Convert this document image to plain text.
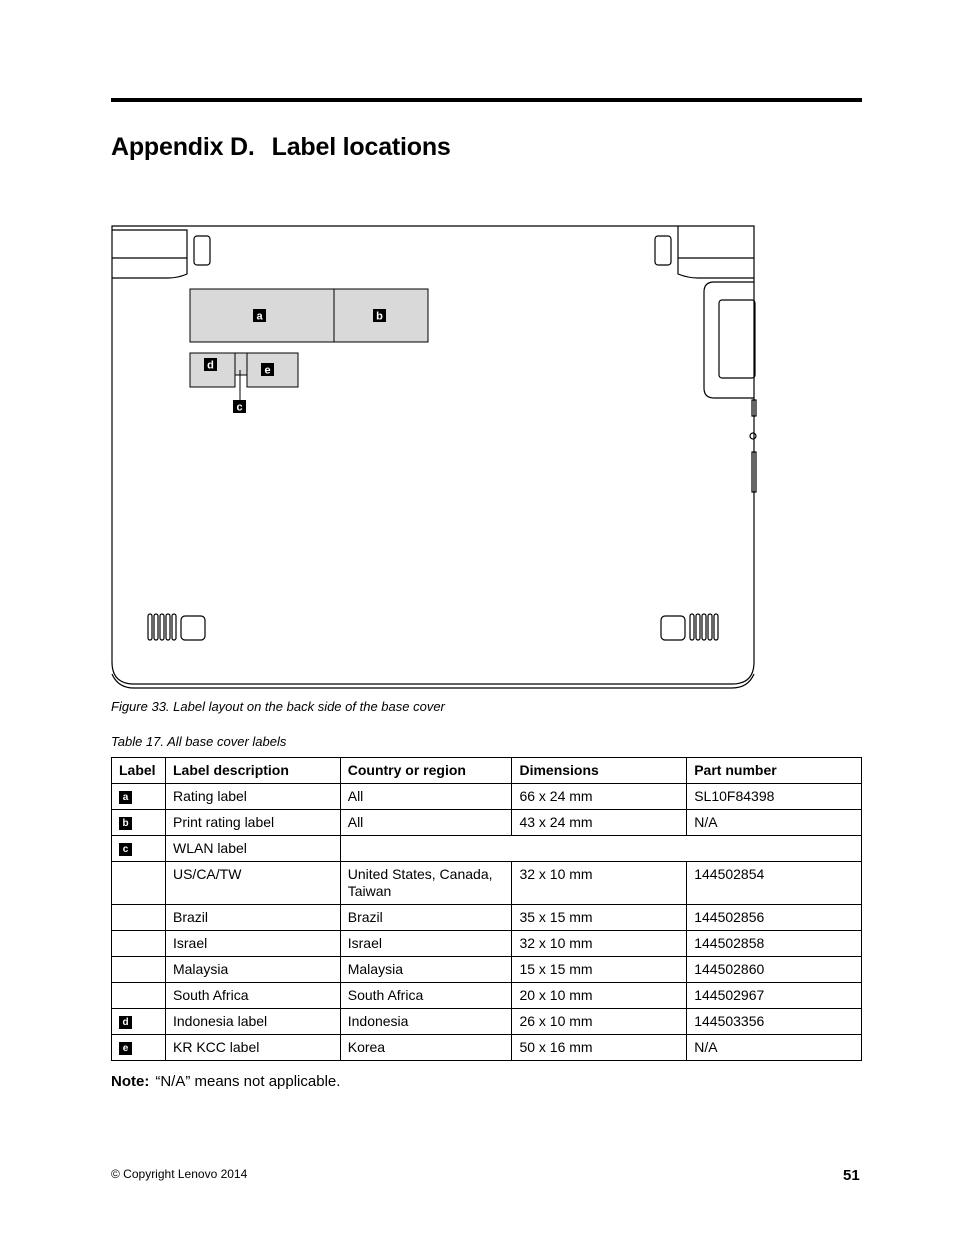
Appendix D. Label locations
a	b
d	e
c
Figure 33. Label layout on the back side of the base cover
Table 17. All base cover labels
Label	Label description	Country or region	Dimensions	Part number
a	Rating label	All	66 x 24 mm	SL10F84398
b	Print rating label	All	43 x 24 mm	N/A
c	WLAN label			
	US/CA/TW	United States, Canada, Taiwan	32 x 10 mm	144502854
	Brazil	Brazil	35 x 15 mm	144502856
	Israel	Israel	32 x 10 mm	144502858
	Malaysia	Malaysia	15 x 15 mm	144502860
	South Africa	South Africa	20 x 10 mm	144502967
d	Indonesia label	Indonesia	26 x 10 mm	144503356
e	KR KCC label	Korea	50 x 16 mm	N/A
Note: “N/A” means not applicable.
© Copyright Lenovo 2014	51
